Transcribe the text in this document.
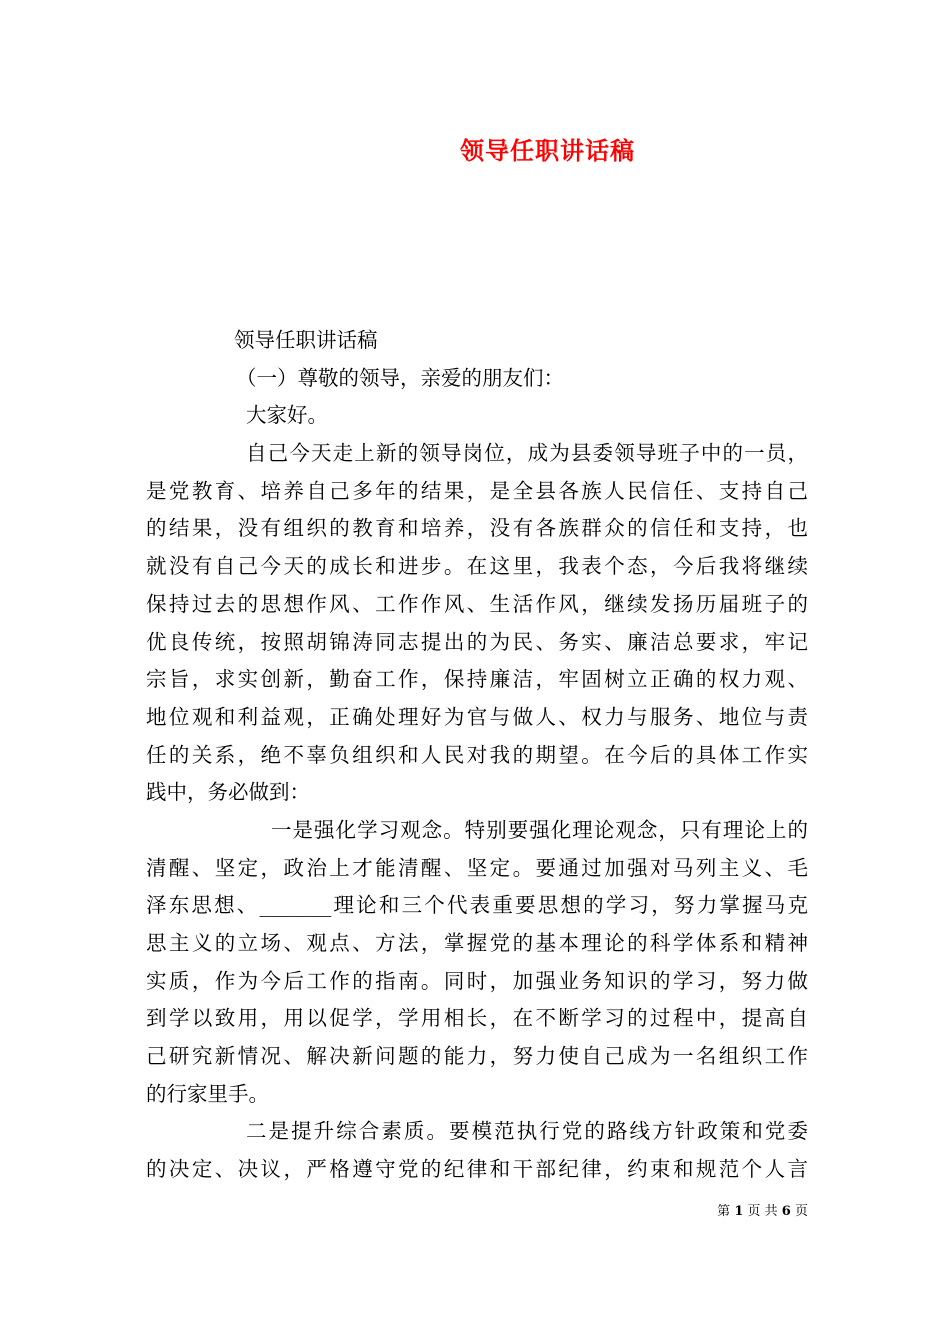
领导任职讲话稿
领导任职讲话稿
（一）尊敬的领导，亲爱的朋友们：
大家好。
自己今天走上新的领导岗位，成为县委领导班子中的一员，
是党教育、培养自己多年的结果，是全县各族人民信任、支持自己
的结果，没有组织的教育和培养，没有各族群众的信任和支持，也
就没有自己今天的成长和进步。在这里，我表个态，今后我将继续
保持过去的思想作风、工作作风、生活作风，继续发扬历届班子的
优良传统，按照胡锦涛同志提出的为民、务实、廉洁总要求，牢记
宗旨，求实创新，勤奋工作，保持廉洁，牢固树立正确的权力观、
地位观和利益观，正确处理好为官与做人、权力与服务、地位与责
任的关系，绝不辜负组织和人民对我的期望。在今后的具体工作实
践中，务必做到：
一是强化学习观念。特别要强化理论观念，只有理论上的
清醒、坚定，政治上才能清醒、坚定。要通过加强对马列主义、毛
泽东思想、_______理论和三个代表重要思想的学习，努力掌握马克
思主义的立场、观点、方法，掌握党的基本理论的科学体系和精神
实质，作为今后工作的指南。同时，加强业务知识的学习，努力做
到学以致用，用以促学，学用相长，在不断学习的过程中，提高自
己研究新情况、解决新问题的能力，努力使自己成为一名组织工作
的行家里手。
二是提升综合素质。要模范执行党的路线方针政策和党委
的决定、决议，严格遵守党的纪律和干部纪律，约束和规范个人言
第 1 页 共 6 页
